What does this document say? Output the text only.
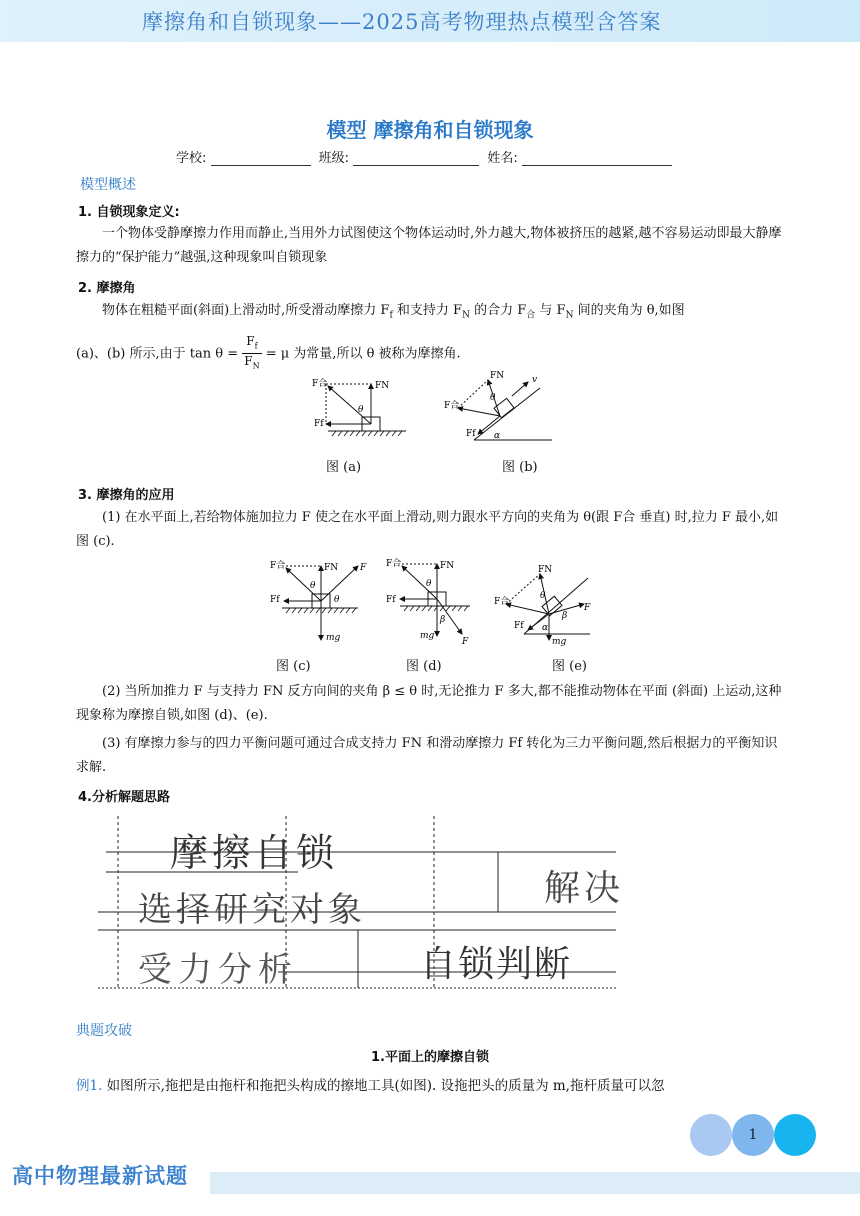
摩擦角和自锁现象——2025高考物理热点模型含答案
模型 摩擦角和自锁现象
学校:	班级:	姓名:
模型概述
1. 自锁现象定义:
一个物体受静摩擦力作用而静止,当用外力试图使这个物体运动时,外力越大,物体被挤压的越紧,越不容易运动即最大静摩擦力的“保护能力”越强,这种现象叫自锁现象
2. 摩擦角
物体在粗糙平面(斜面)上滑动时,所受滑动摩擦力 $F_f$ 和支持力 $F_N$ 的合力 $F_合$ 与 $F_N$ 间的夹角为 θ,如图
(a)、(b) 所示,由于 $\tan \theta = \frac{F_f}{F_N} = \mu$ 为常量,所以 θ 被称为摩擦角.
F合	FN
Ff
θ
图 (a)
FN
F合
Ff
v
θ
α
图 (b)
3. 摩擦角的应用
(1) 在水平面上,若给物体施加拉力 F 使之在水平面上滑动,则力跟水平方向的夹角为 θ(跟 F合 垂直) 时,拉力 F 最小,如图 (c).
F合	FN F
Ff
θ
θ
mg
图 (c)
F合	FN
Ff
θ
β
mg
F
图 (d)
FN
F合
Ff
F
θ
α
β
mg
图 (e)
(2) 当所加推力 F 与支持力 FN 反方向间的夹角 β ≤ θ 时,无论推力 F 多大,都不能推动物体在平面 (斜面) 上运动,这种现象称为摩擦自锁,如图 (d)、(e).
(3) 有摩擦力参与的四力平衡问题可通过合成支持力 FN 和滑动摩擦力 Ff 转化为三力平衡问题,然后根据力的平衡知识求解.
4.分析解题思路
摩擦自锁
选择研究对象
解决
受力分析	自锁判断
典题攻破
1.平面上的摩擦自锁
例1. 如图所示,拖把是由拖杆和拖把头构成的擦地工具(如图). 设拖把头的质量为 m,拖杆质量可以忽
1
高中物理最新试题
